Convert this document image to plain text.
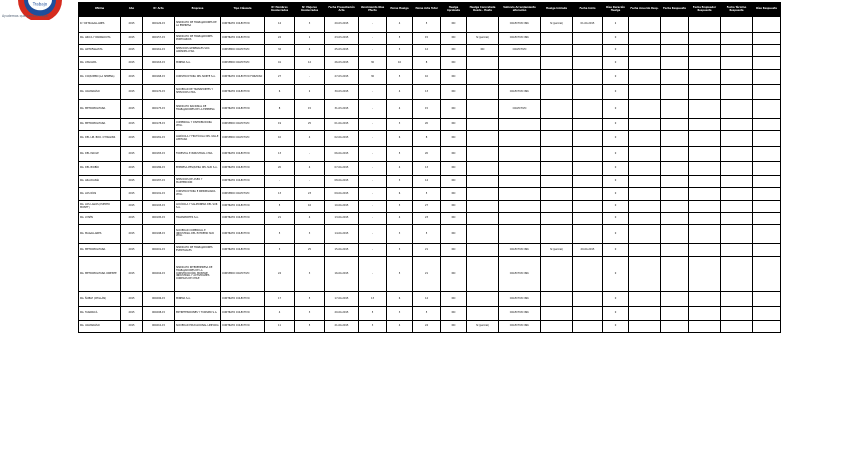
Trabajo
Ayudemos que camine mejor
Oficina	Año	Nº Acta	Empresa	Tipo Cláusula	Nº Hombres Involucrados	Nº Mujeres Involucrados	Fecha Presentación Acta	Vencimiento Dias Efecto	Horas Huelga	Horas Acta Total	Huelga Aprobada	Huelga Concretada Desde - Hasta	Vehiculo Arrendamiento alteración	Huelga Iniciada	Fecha Inicio	Días Duración Huelga	Fecha Acuerdo Resp.	Fecha Respuesta	Fecha Empleador Respuesta	Fecha Término Respuesta	Días Respuesta
R.ª RP MAGALLANES	2015	000126-15	SINDICATO DE TRABAJADORES DE LA EMPRESA	CONTRATO COLECTIVO	14	3	20-03-2015	-	4	5	NO		COLECTIVO IND.	SI (parcial)	01-04-2015	2					
RG. ARICA Y PARINACOTA	2015	000157-15	SINDICATO DE TRABAJADORES PORTUARIOS	CONTRATO COLECTIVO	24	1	23-03-2015	-	5	15	NO	SI (parcial)	COLECTIVO IND.			0					
RG. ANTOFAGASTA	2015	000161-15	SERVICIOS GENERALES SOC. ANÓNIMA LTDA.	CONVENIO COLECTIVO	32	4	25-03-2015	-	3	12	NO	NO	COLECTIVO			0					
RG. ATACAMA	2015	000163-15	MINERA S.A.	CONVENIO COLECTIVO	41	12	26-03-2015	30	10	8	NO					0					
RG. COQUIMBO (LA SERENA)	2015	000168-15	CONSTRUCTORA DEL NORTE S.A.	CONTRATO COLECTIVO FORZOSO	27	-	27-03-2015	30	5	10	NO					0					
RG. VALPARAÍSO	2015	000170-15	SOCIEDAD DE TRANSPORTES Y SERVICIOS LTDA.	CONTRATO COLECTIVO	6	2	30-03-2015	-	4	13	NO		COLECTIVO IND.			0					
RG. METROPOLITANA	2015	000175-15	SINDICATO NACIONAL DE TRABAJADORES DE LA EMPRESA	CONTRATO COLECTIVO	8	15	31-03-2015	-	4	15	NO		COLECTIVO			0					
RG. METROPOLITANA	2015	000178-15	COMERCIAL Y DISTRIBUIDORA LTDA.	CONVENIO COLECTIVO	19	25	01-04-2015	-	3	20	NO					0					
RG. DEL LIB. BDO. O'HIGGINS	2015	000181-15	AGRÍCOLA Y FRUTÍCOLA DEL VALLE LIMITADA	CONVENIO COLECTIVO	10	4	02-04-2015	-	6	8	NO					0					
RG. DEL MAULE	2015	000183-15	FORESTAL E INDUSTRIAL LTDA.	CONTRATO COLECTIVO	13	-	06-04-2015	-	5	20	NO					0					
RG. DEL BIOBÍO	2015	000186-15	EMPRESA PESQUERA DEL SUR S.A.	CONTRATO COLECTIVO	20	4	07-04-2015	-	4	13	NO					0					
RG. ARAUCANÍA	2015	000187-15	SERVICIOS DE ASEO Y MANTENCIÓN	CONTRATO COLECTIVO	-	-	08-04-2015	-	3	14	NO					0					
RG. LOS RÍOS	2015	000191-15	CONSTRUCTORA E INMOBILIARIA LTDA.	CONVENIO COLECTIVO	13	23	09-04-2015	-	6	5	NO					0					
RG. LOS LAGOS (PUERTO MONTT)	2015	000193-15	ACUÍCOLA Y SALMONERA DEL SUR S.A.	CONTRATO COLECTIVO	5	16	10-04-2015	-	3	27	NO					0					
RG. AYSÉN	2015	000195-15	TRANSPORTES S.A.	CONTRATO COLECTIVO	21	4	13-04-2015	-	4	23	NO					0					
RG. MAGALLANES	2015	000198-15	SOCIEDAD COMERCIAL E INDUSTRIAL DEL EXTREMO SUR LTDA.	CONTRATO COLECTIVO	5	3	14-04-2015	-	3	5	NO					0					
RG. METROPOLITANA	2015	000201-15	SINDICATO DE TRABAJADORES EVENTUALES	CONTRATO COLECTIVO	3	25	15-04-2015	-	3	21	NO		COLECTIVO IND.	SI (parcial)	20-04-2015	0					
RG. METROPOLITANA ORIENTE	2015	000204-15	SINDICATO INTEREMPRESA DE TRABAJADORES DE LA CONSTRUCCIÓN, MONTAJE INDUSTRIAL Y ACTIVIDADES CONEXAS DE CHILE	CONVENIO COLECTIVO	24	3	16-04-2015	-	5	21	NO		COLECTIVO IND.			0					
RG. ÑUBLE (CHILLÁN)	2015	000206-15	MINERA S.A.	CONTRATO COLECTIVO	17	5	17-04-2015	13	6	14	NO		COLECTIVO IND.			0					
RG. TARAPACÁ	2015	000208-15	ENTRETENCIONES Y TURISMO S.A.	CONTRATO COLECTIVO	4	3	20-04-2015	5	3	5	NO		COLECTIVO IND.			0					
RG. VALPARAÍSO	2015	000210-15	SOCIEDAD EDUCACIONAL LIMITADA	CONTRATO COLECTIVO	11	5	21-04-2015	3	4	24	NO	SI (parcial)	COLECTIVO IND.			0					
